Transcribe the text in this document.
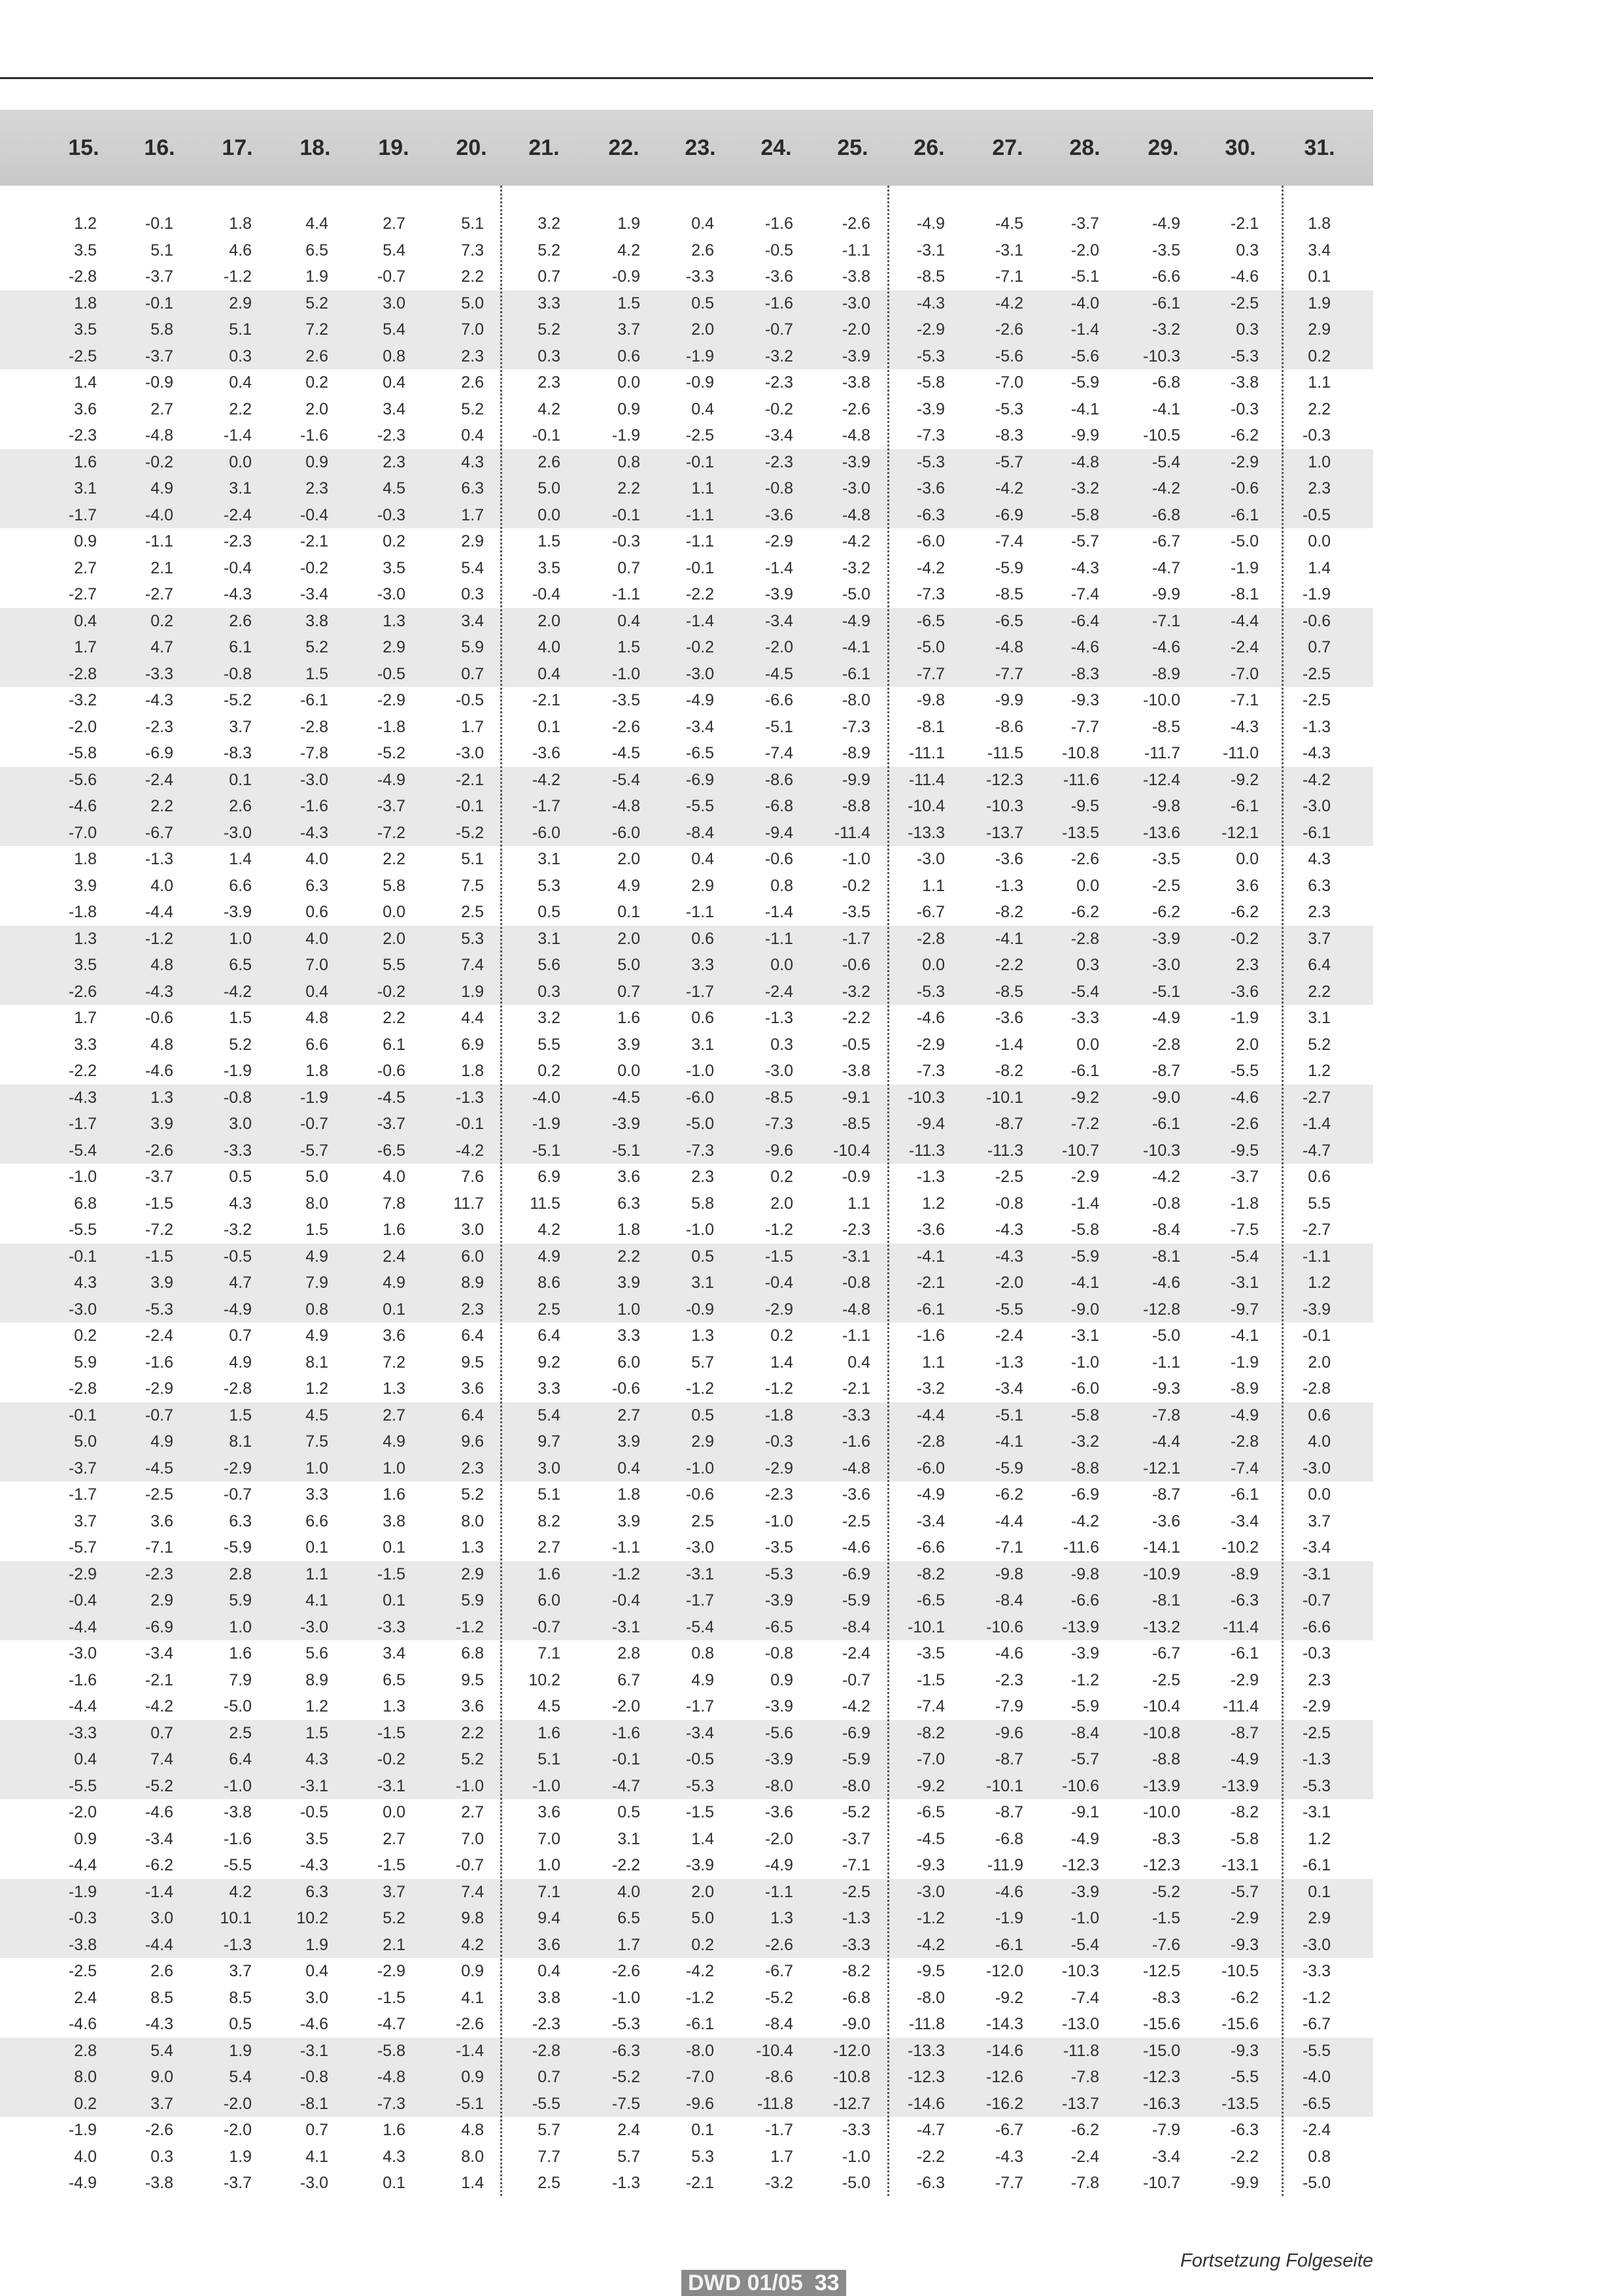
15.	16.	17.	18.	19.	20.	21.	22.	23.	24.	25.	26.	27.	28.	29.	30.	31.
1.2	-0.1	1.8	4.4	2.7	5.1	3.2	1.9	0.4	-1.6	-2.6	-4.9	-4.5	-3.7	-4.9	-2.1	1.8
3.5	5.1	4.6	6.5	5.4	7.3	5.2	4.2	2.6	-0.5	-1.1	-3.1	-3.1	-2.0	-3.5	0.3	3.4
-2.8	-3.7	-1.2	1.9	-0.7	2.2	0.7	-0.9	-3.3	-3.6	-3.8	-8.5	-7.1	-5.1	-6.6	-4.6	0.1
1.8	-0.1	2.9	5.2	3.0	5.0	3.3	1.5	0.5	-1.6	-3.0	-4.3	-4.2	-4.0	-6.1	-2.5	1.9
3.5	5.8	5.1	7.2	5.4	7.0	5.2	3.7	2.0	-0.7	-2.0	-2.9	-2.6	-1.4	-3.2	0.3	2.9
-2.5	-3.7	0.3	2.6	0.8	2.3	0.3	0.6	-1.9	-3.2	-3.9	-5.3	-5.6	-5.6	-10.3	-5.3	0.2
1.4	-0.9	0.4	0.2	0.4	2.6	2.3	0.0	-0.9	-2.3	-3.8	-5.8	-7.0	-5.9	-6.8	-3.8	1.1
3.6	2.7	2.2	2.0	3.4	5.2	4.2	0.9	0.4	-0.2	-2.6	-3.9	-5.3	-4.1	-4.1	-0.3	2.2
-2.3	-4.8	-1.4	-1.6	-2.3	0.4	-0.1	-1.9	-2.5	-3.4	-4.8	-7.3	-8.3	-9.9	-10.5	-6.2	-0.3
1.6	-0.2	0.0	0.9	2.3	4.3	2.6	0.8	-0.1	-2.3	-3.9	-5.3	-5.7	-4.8	-5.4	-2.9	1.0
3.1	4.9	3.1	2.3	4.5	6.3	5.0	2.2	1.1	-0.8	-3.0	-3.6	-4.2	-3.2	-4.2	-0.6	2.3
-1.7	-4.0	-2.4	-0.4	-0.3	1.7	0.0	-0.1	-1.1	-3.6	-4.8	-6.3	-6.9	-5.8	-6.8	-6.1	-0.5
0.9	-1.1	-2.3	-2.1	0.2	2.9	1.5	-0.3	-1.1	-2.9	-4.2	-6.0	-7.4	-5.7	-6.7	-5.0	0.0
2.7	2.1	-0.4	-0.2	3.5	5.4	3.5	0.7	-0.1	-1.4	-3.2	-4.2	-5.9	-4.3	-4.7	-1.9	1.4
-2.7	-2.7	-4.3	-3.4	-3.0	0.3	-0.4	-1.1	-2.2	-3.9	-5.0	-7.3	-8.5	-7.4	-9.9	-8.1	-1.9
0.4	0.2	2.6	3.8	1.3	3.4	2.0	0.4	-1.4	-3.4	-4.9	-6.5	-6.5	-6.4	-7.1	-4.4	-0.6
1.7	4.7	6.1	5.2	2.9	5.9	4.0	1.5	-0.2	-2.0	-4.1	-5.0	-4.8	-4.6	-4.6	-2.4	0.7
-2.8	-3.3	-0.8	1.5	-0.5	0.7	0.4	-1.0	-3.0	-4.5	-6.1	-7.7	-7.7	-8.3	-8.9	-7.0	-2.5
-3.2	-4.3	-5.2	-6.1	-2.9	-0.5	-2.1	-3.5	-4.9	-6.6	-8.0	-9.8	-9.9	-9.3	-10.0	-7.1	-2.5
-2.0	-2.3	3.7	-2.8	-1.8	1.7	0.1	-2.6	-3.4	-5.1	-7.3	-8.1	-8.6	-7.7	-8.5	-4.3	-1.3
-5.8	-6.9	-8.3	-7.8	-5.2	-3.0	-3.6	-4.5	-6.5	-7.4	-8.9	-11.1	-11.5	-10.8	-11.7	-11.0	-4.3
-5.6	-2.4	0.1	-3.0	-4.9	-2.1	-4.2	-5.4	-6.9	-8.6	-9.9	-11.4	-12.3	-11.6	-12.4	-9.2	-4.2
-4.6	2.2	2.6	-1.6	-3.7	-0.1	-1.7	-4.8	-5.5	-6.8	-8.8	-10.4	-10.3	-9.5	-9.8	-6.1	-3.0
-7.0	-6.7	-3.0	-4.3	-7.2	-5.2	-6.0	-6.0	-8.4	-9.4	-11.4	-13.3	-13.7	-13.5	-13.6	-12.1	-6.1
1.8	-1.3	1.4	4.0	2.2	5.1	3.1	2.0	0.4	-0.6	-1.0	-3.0	-3.6	-2.6	-3.5	0.0	4.3
3.9	4.0	6.6	6.3	5.8	7.5	5.3	4.9	2.9	0.8	-0.2	1.1	-1.3	0.0	-2.5	3.6	6.3
-1.8	-4.4	-3.9	0.6	0.0	2.5	0.5	0.1	-1.1	-1.4	-3.5	-6.7	-8.2	-6.2	-6.2	-6.2	2.3
1.3	-1.2	1.0	4.0	2.0	5.3	3.1	2.0	0.6	-1.1	-1.7	-2.8	-4.1	-2.8	-3.9	-0.2	3.7
3.5	4.8	6.5	7.0	5.5	7.4	5.6	5.0	3.3	0.0	-0.6	0.0	-2.2	0.3	-3.0	2.3	6.4
-2.6	-4.3	-4.2	0.4	-0.2	1.9	0.3	0.7	-1.7	-2.4	-3.2	-5.3	-8.5	-5.4	-5.1	-3.6	2.2
1.7	-0.6	1.5	4.8	2.2	4.4	3.2	1.6	0.6	-1.3	-2.2	-4.6	-3.6	-3.3	-4.9	-1.9	3.1
3.3	4.8	5.2	6.6	6.1	6.9	5.5	3.9	3.1	0.3	-0.5	-2.9	-1.4	0.0	-2.8	2.0	5.2
-2.2	-4.6	-1.9	1.8	-0.6	1.8	0.2	0.0	-1.0	-3.0	-3.8	-7.3	-8.2	-6.1	-8.7	-5.5	1.2
-4.3	1.3	-0.8	-1.9	-4.5	-1.3	-4.0	-4.5	-6.0	-8.5	-9.1	-10.3	-10.1	-9.2	-9.0	-4.6	-2.7
-1.7	3.9	3.0	-0.7	-3.7	-0.1	-1.9	-3.9	-5.0	-7.3	-8.5	-9.4	-8.7	-7.2	-6.1	-2.6	-1.4
-5.4	-2.6	-3.3	-5.7	-6.5	-4.2	-5.1	-5.1	-7.3	-9.6	-10.4	-11.3	-11.3	-10.7	-10.3	-9.5	-4.7
-1.0	-3.7	0.5	5.0	4.0	7.6	6.9	3.6	2.3	0.2	-0.9	-1.3	-2.5	-2.9	-4.2	-3.7	0.6
6.8	-1.5	4.3	8.0	7.8	11.7	11.5	6.3	5.8	2.0	1.1	1.2	-0.8	-1.4	-0.8	-1.8	5.5
-5.5	-7.2	-3.2	1.5	1.6	3.0	4.2	1.8	-1.0	-1.2	-2.3	-3.6	-4.3	-5.8	-8.4	-7.5	-2.7
-0.1	-1.5	-0.5	4.9	2.4	6.0	4.9	2.2	0.5	-1.5	-3.1	-4.1	-4.3	-5.9	-8.1	-5.4	-1.1
4.3	3.9	4.7	7.9	4.9	8.9	8.6	3.9	3.1	-0.4	-0.8	-2.1	-2.0	-4.1	-4.6	-3.1	1.2
-3.0	-5.3	-4.9	0.8	0.1	2.3	2.5	1.0	-0.9	-2.9	-4.8	-6.1	-5.5	-9.0	-12.8	-9.7	-3.9
0.2	-2.4	0.7	4.9	3.6	6.4	6.4	3.3	1.3	0.2	-1.1	-1.6	-2.4	-3.1	-5.0	-4.1	-0.1
5.9	-1.6	4.9	8.1	7.2	9.5	9.2	6.0	5.7	1.4	0.4	1.1	-1.3	-1.0	-1.1	-1.9	2.0
-2.8	-2.9	-2.8	1.2	1.3	3.6	3.3	-0.6	-1.2	-1.2	-2.1	-3.2	-3.4	-6.0	-9.3	-8.9	-2.8
-0.1	-0.7	1.5	4.5	2.7	6.4	5.4	2.7	0.5	-1.8	-3.3	-4.4	-5.1	-5.8	-7.8	-4.9	0.6
5.0	4.9	8.1	7.5	4.9	9.6	9.7	3.9	2.9	-0.3	-1.6	-2.8	-4.1	-3.2	-4.4	-2.8	4.0
-3.7	-4.5	-2.9	1.0	1.0	2.3	3.0	0.4	-1.0	-2.9	-4.8	-6.0	-5.9	-8.8	-12.1	-7.4	-3.0
-1.7	-2.5	-0.7	3.3	1.6	5.2	5.1	1.8	-0.6	-2.3	-3.6	-4.9	-6.2	-6.9	-8.7	-6.1	0.0
3.7	3.6	6.3	6.6	3.8	8.0	8.2	3.9	2.5	-1.0	-2.5	-3.4	-4.4	-4.2	-3.6	-3.4	3.7
-5.7	-7.1	-5.9	0.1	0.1	1.3	2.7	-1.1	-3.0	-3.5	-4.6	-6.6	-7.1	-11.6	-14.1	-10.2	-3.4
-2.9	-2.3	2.8	1.1	-1.5	2.9	1.6	-1.2	-3.1	-5.3	-6.9	-8.2	-9.8	-9.8	-10.9	-8.9	-3.1
-0.4	2.9	5.9	4.1	0.1	5.9	6.0	-0.4	-1.7	-3.9	-5.9	-6.5	-8.4	-6.6	-8.1	-6.3	-0.7
-4.4	-6.9	1.0	-3.0	-3.3	-1.2	-0.7	-3.1	-5.4	-6.5	-8.4	-10.1	-10.6	-13.9	-13.2	-11.4	-6.6
-3.0	-3.4	1.6	5.6	3.4	6.8	7.1	2.8	0.8	-0.8	-2.4	-3.5	-4.6	-3.9	-6.7	-6.1	-0.3
-1.6	-2.1	7.9	8.9	6.5	9.5	10.2	6.7	4.9	0.9	-0.7	-1.5	-2.3	-1.2	-2.5	-2.9	2.3
-4.4	-4.2	-5.0	1.2	1.3	3.6	4.5	-2.0	-1.7	-3.9	-4.2	-7.4	-7.9	-5.9	-10.4	-11.4	-2.9
-3.3	0.7	2.5	1.5	-1.5	2.2	1.6	-1.6	-3.4	-5.6	-6.9	-8.2	-9.6	-8.4	-10.8	-8.7	-2.5
0.4	7.4	6.4	4.3	-0.2	5.2	5.1	-0.1	-0.5	-3.9	-5.9	-7.0	-8.7	-5.7	-8.8	-4.9	-1.3
-5.5	-5.2	-1.0	-3.1	-3.1	-1.0	-1.0	-4.7	-5.3	-8.0	-8.0	-9.2	-10.1	-10.6	-13.9	-13.9	-5.3
-2.0	-4.6	-3.8	-0.5	0.0	2.7	3.6	0.5	-1.5	-3.6	-5.2	-6.5	-8.7	-9.1	-10.0	-8.2	-3.1
0.9	-3.4	-1.6	3.5	2.7	7.0	7.0	3.1	1.4	-2.0	-3.7	-4.5	-6.8	-4.9	-8.3	-5.8	1.2
-4.4	-6.2	-5.5	-4.3	-1.5	-0.7	1.0	-2.2	-3.9	-4.9	-7.1	-9.3	-11.9	-12.3	-12.3	-13.1	-6.1
-1.9	-1.4	4.2	6.3	3.7	7.4	7.1	4.0	2.0	-1.1	-2.5	-3.0	-4.6	-3.9	-5.2	-5.7	0.1
-0.3	3.0	10.1	10.2	5.2	9.8	9.4	6.5	5.0	1.3	-1.3	-1.2	-1.9	-1.0	-1.5	-2.9	2.9
-3.8	-4.4	-1.3	1.9	2.1	4.2	3.6	1.7	0.2	-2.6	-3.3	-4.2	-6.1	-5.4	-7.6	-9.3	-3.0
-2.5	2.6	3.7	0.4	-2.9	0.9	0.4	-2.6	-4.2	-6.7	-8.2	-9.5	-12.0	-10.3	-12.5	-10.5	-3.3
2.4	8.5	8.5	3.0	-1.5	4.1	3.8	-1.0	-1.2	-5.2	-6.8	-8.0	-9.2	-7.4	-8.3	-6.2	-1.2
-4.6	-4.3	0.5	-4.6	-4.7	-2.6	-2.3	-5.3	-6.1	-8.4	-9.0	-11.8	-14.3	-13.0	-15.6	-15.6	-6.7
2.8	5.4	1.9	-3.1	-5.8	-1.4	-2.8	-6.3	-8.0	-10.4	-12.0	-13.3	-14.6	-11.8	-15.0	-9.3	-5.5
8.0	9.0	5.4	-0.8	-4.8	0.9	0.7	-5.2	-7.0	-8.6	-10.8	-12.3	-12.6	-7.8	-12.3	-5.5	-4.0
0.2	3.7	-2.0	-8.1	-7.3	-5.1	-5.5	-7.5	-9.6	-11.8	-12.7	-14.6	-16.2	-13.7	-16.3	-13.5	-6.5
-1.9	-2.6	-2.0	0.7	1.6	4.8	5.7	2.4	0.1	-1.7	-3.3	-4.7	-6.7	-6.2	-7.9	-6.3	-2.4
4.0	0.3	1.9	4.1	4.3	8.0	7.7	5.7	5.3	1.7	-1.0	-2.2	-4.3	-2.4	-3.4	-2.2	0.8
-4.9	-3.8	-3.7	-3.0	0.1	1.4	2.5	-1.3	-2.1	-3.2	-5.0	-6.3	-7.7	-7.8	-10.7	-9.9	-5.0
Fortsetzung Folgeseite
DWD 01/05 33
